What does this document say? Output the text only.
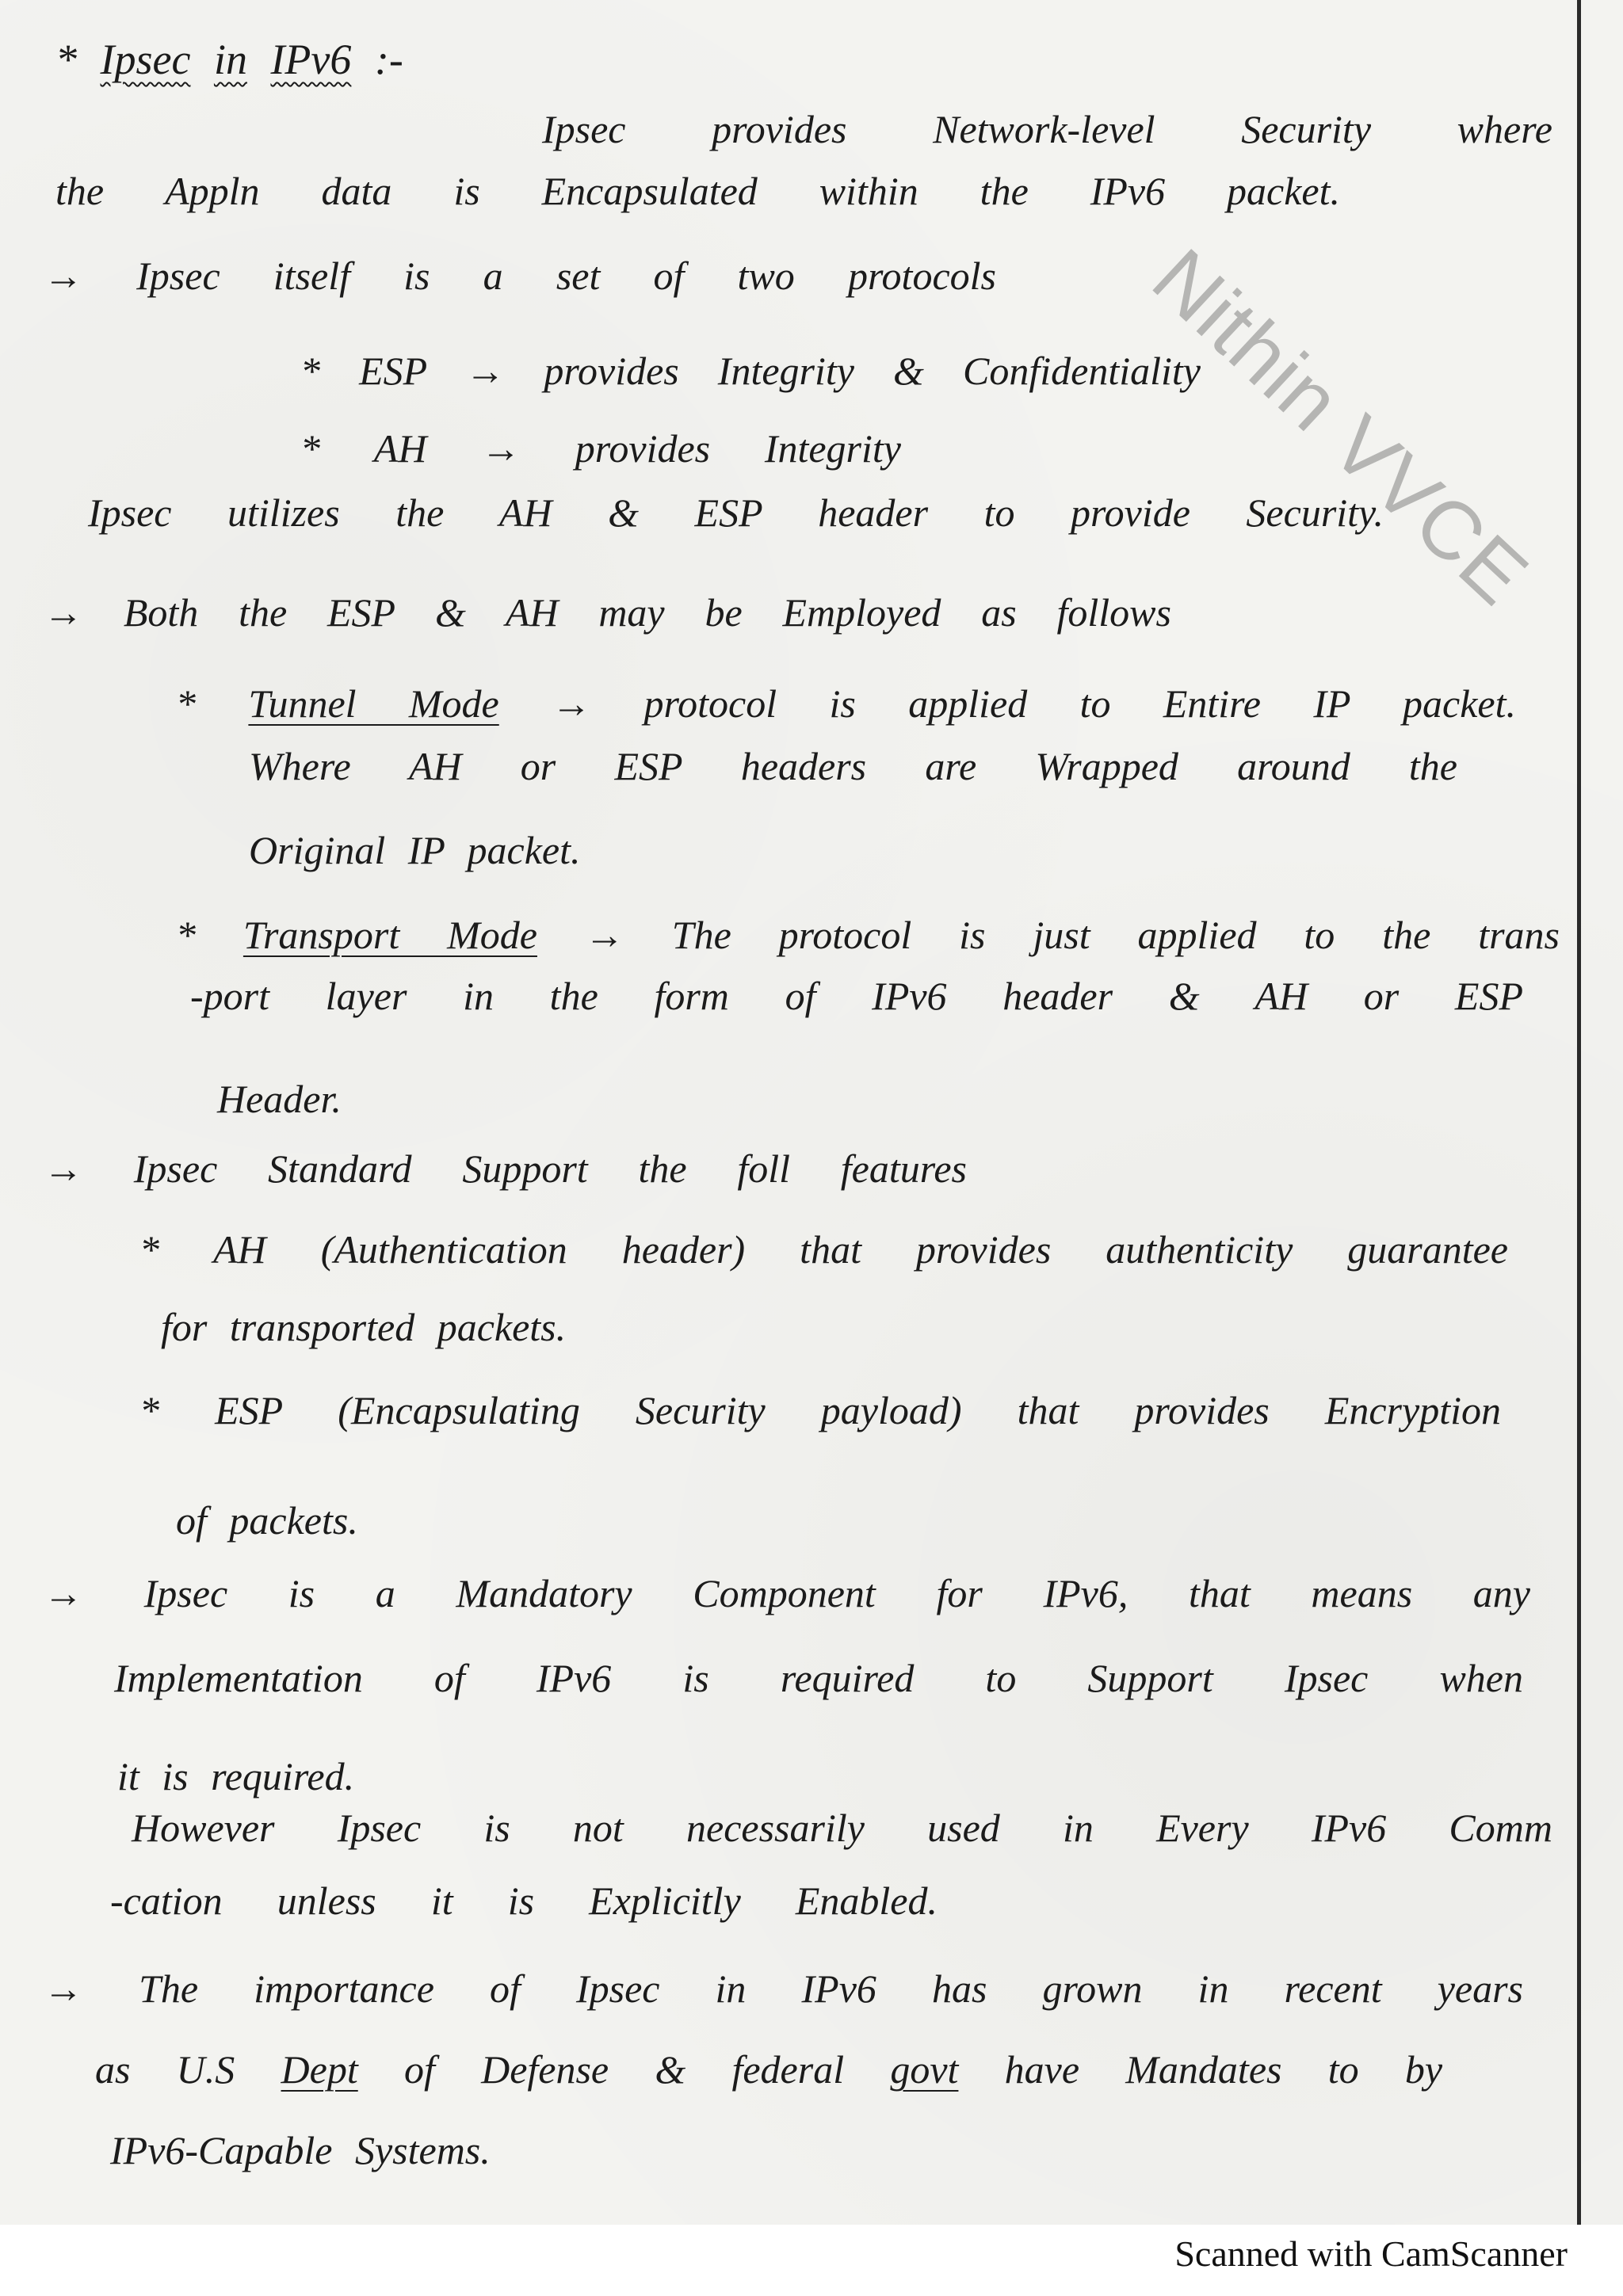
Nithin VVCE
* Ipsec in IPv6 :-
Ipsec provides Network-level Security where
the Appln data is Encapsulated within the IPv6 packet.
→ Ipsec itself is a set of two protocols
* ESP → provides Integrity & Confidentiality
* AH → provides Integrity
Ipsec utilizes the AH & ESP header to provide Security.
→ Both the ESP & AH may be Employed as follows
* Tunnel Mode → protocol is applied to Entire IP packet.
Where AH or ESP headers are Wrapped around the
Original IP packet.
* Transport Mode → The protocol is just applied to the trans
-port layer in the form of IPv6 header & AH or ESP
Header.
→ Ipsec Standard Support the foll features
* AH (Authentication header) that provides authenticity guarantee
for transported packets.
* ESP (Encapsulating Security payload) that provides Encryption
of packets.
→ Ipsec is a Mandatory Component for IPv6, that means any
Implementation of IPv6 is required to Support Ipsec when
it is required.
However Ipsec is not necessarily used in Every IPv6 Comm
-cation unless it is Explicitly Enabled.
→ The importance of Ipsec in IPv6 has grown in recent years
as U.S Dept of Defense & federal govt have Mandates to by
IPv6-Capable Systems.
Scanned with CamScanner
